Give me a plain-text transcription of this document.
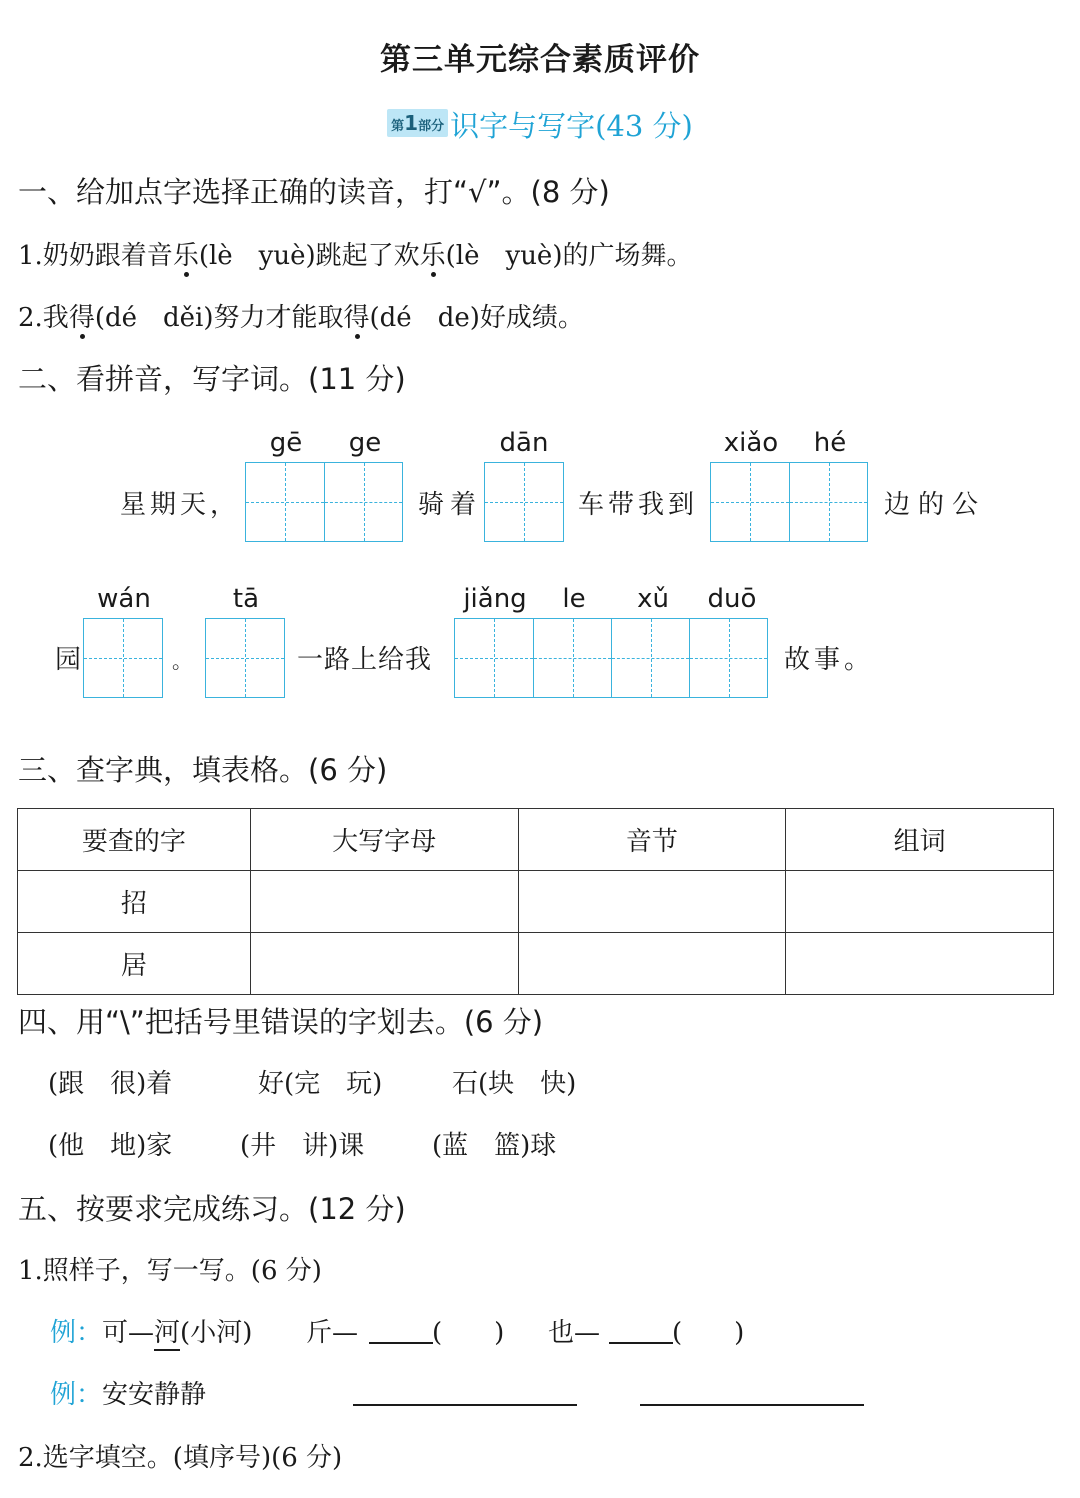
第三单元综合素质评价
第1部分 识字与写字(43 分)
一、给加点字选择正确的读音，打“√”。(8 分)
1.奶奶跟着音乐(lè　yuè)跳起了欢乐(lè　yuè)的广场舞。
2.我得(dé　děi)努力才能取得(dé　de)好成绩。
二、看拼音，写字词。(11 分)
星期天，
gē	ge
骑着
dān
车带我到
xiǎo	hé
边的公
园
wán
。
tā
一路上给我
jiǎng	le	xǔ	duō
故事。
三、查字典，填表格。(6 分)
要查的字	大写字母	音节	组词
招			
居			
四、用“\”把括号里错误的字划去。(6 分)
(跟　很)着	好(完　玩)	石(块　快)
(他　地)家	(井　讲)课	(蓝　篮)球
五、按要求完成练习。(12 分)
1.照样子，写一写。(6 分)
例：可—河(小河) 斤—	(　　) 也—	(　　)
例：安安静静
2.选字填空。(填序号)(6 分)
